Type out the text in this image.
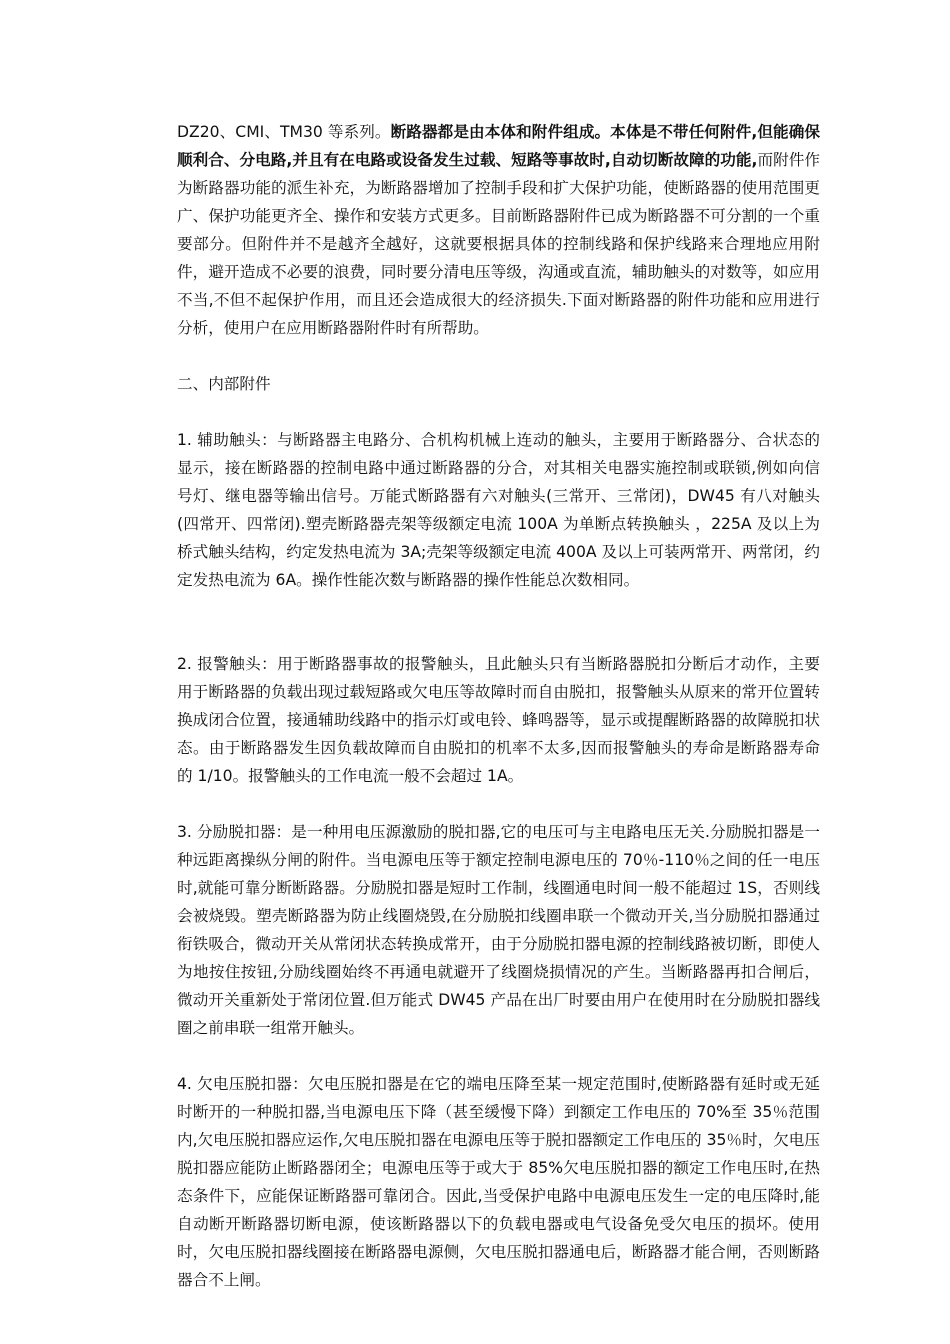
DZ20、CMI、TM30 等系列。断路器都是由本体和附件组成。本体是不带任何附件,但能确保顺利合、分电路,并且有在电路或设备发生过载、短路等事故时,自动切断故障的功能,而附件作为断路器功能的派生补充，为断路器增加了控制手段和扩大保护功能，使断路器的使用范围更广、保护功能更齐全、操作和安装方式更多。目前断路器附件已成为断路器不可分割的一个重要部分。但附件并不是越齐全越好，这就要根据具体的控制线路和保护线路来合理地应用附件，避开造成不必要的浪费，同时要分清电压等级，沟通或直流，辅助触头的对数等，如应用不当,不但不起保护作用，而且还会造成很大的经济损失.下面对断路器的附件功能和应用进行分析，使用户在应用断路器附件时有所帮助。

二、内部附件

1. 辅助触头：与断路器主电路分、合机构机械上连动的触头，主要用于断路器分、合状态的显示，接在断路器的控制电路中通过断路器的分合，对其相关电器实施控制或联锁,例如向信号灯、继电器等输出信号。万能式断路器有六对触头(三常开、三常闭)，DW45 有八对触头(四常开、四常闭).塑壳断路器壳架等级额定电流 100A 为单断点转换触头 ，225A 及以上为桥式触头结构，约定发热电流为 3A;壳架等级额定电流 400A 及以上可装两常开、两常闭，约定发热电流为 6A。操作性能次数与断路器的操作性能总次数相同。

2. 报警触头：用于断路器事故的报警触头，且此触头只有当断路器脱扣分断后才动作，主要用于断路器的负载出现过载短路或欠电压等故障时而自由脱扣，报警触头从原来的常开位置转换成闭合位置，接通辅助线路中的指示灯或电铃、蜂鸣器等，显示或提醒断路器的故障脱扣状态。由于断路器发生因负载故障而自由脱扣的机率不太多,因而报警触头的寿命是断路器寿命的 1/10。报警触头的工作电流一般不会超过 1A。

3. 分励脱扣器：是一种用电压源激励的脱扣器,它的电压可与主电路电压无关.分励脱扣器是一种远距离操纵分闸的附件。当电源电压等于额定控制电源电压的 70％-110％之间的任一电压时,就能可靠分断断路器。分励脱扣器是短时工作制，线圈通电时间一般不能超过 1S，否则线会被烧毁。塑壳断路器为防止线圈烧毁,在分励脱扣线圈串联一个微动开关,当分励脱扣器通过衔铁吸合，微动开关从常闭状态转换成常开，由于分励脱扣器电源的控制线路被切断，即使人为地按住按钮,分励线圈始终不再通电就避开了线圈烧损情况的产生。当断路器再扣合闸后，微动开关重新处于常闭位置.但万能式 DW45 产品在出厂时要由用户在使用时在分励脱扣器线圈之前串联一组常开触头。

4. 欠电压脱扣器：欠电压脱扣器是在它的端电压降至某一规定范围时,使断路器有延时或无延时断开的一种脱扣器,当电源电压下降（甚至缓慢下降）到额定工作电压的 70%至 35％范围内,欠电压脱扣器应运作,欠电压脱扣器在电源电压等于脱扣器额定工作电压的 35％时，欠电压脱扣器应能防止断路器闭全；电源电压等于或大于 85%欠电压脱扣器的额定工作电压时,在热态条件下，应能保证断路器可靠闭合。因此,当受保护电路中电源电压发生一定的电压降时,能自动断开断路器切断电源，使该断路器以下的负载电器或电气设备免受欠电压的损坏。使用时，欠电压脱扣器线圈接在断路器电源侧，欠电压脱扣器通电后，断路器才能合闸，否则断路器合不上闸。
